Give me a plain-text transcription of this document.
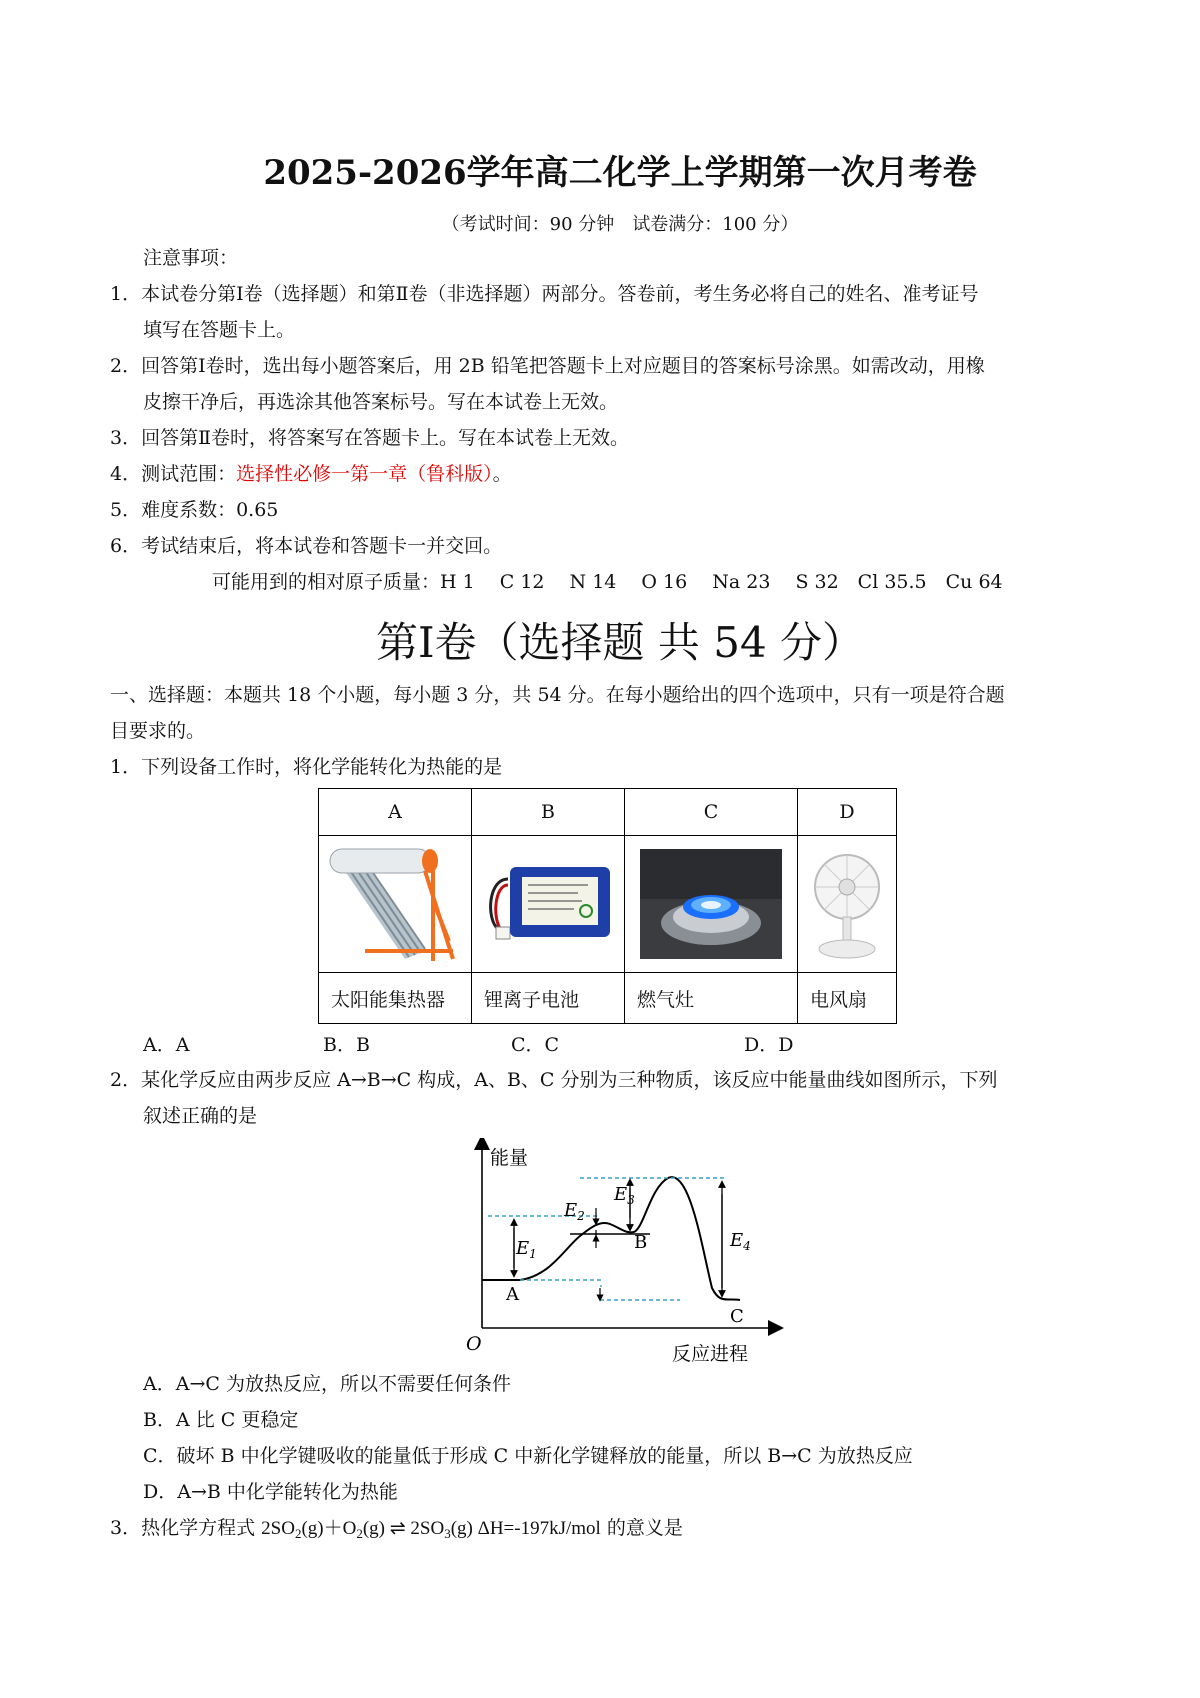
2025-2026学年高二化学上学期第一次月考卷
（考试时间：90 分钟　试卷满分：100 分）
注意事项：
1．本试卷分第Ⅰ卷（选择题）和第Ⅱ卷（非选择题）两部分。答卷前，考生务必将自己的姓名、准考证号
填写在答题卡上。
2．回答第Ⅰ卷时，选出每小题答案后，用 2B 铅笔把答题卡上对应题目的答案标号涂黑。如需改动，用橡
皮擦干净后，再选涂其他答案标号。写在本试卷上无效。
3．回答第Ⅱ卷时，将答案写在答题卡上。写在本试卷上无效。
4．测试范围：选择性必修一第一章（鲁科版）。
5．难度系数：0.65
6．考试结束后，将本试卷和答题卡一并交回。
可能用到的相对原子质量：H 1　 C 12　 N 14　 O 16　 Na 23　 S 32　Cl 35.5　Cu 64
第Ⅰ卷（选择题 共 54 分）
一、选择题：本题共 18 个小题，每小题 3 分，共 54 分。在每小题给出的四个选项中，只有一项是符合题
目要求的。
1．下列设备工作时，将化学能转化为热能的是
A	B	C	D

太阳能集热器	锂离子电池	燃气灶	电风扇
A．A	B．B	C．C	D．D
2．某化学反应由两步反应 A→B→C 构成，A、B、C 分别为三种物质，该反应中能量曲线如图所示，下列
叙述正确的是
能量
反应进程
O
$E_1$
$E_2$
$E_3$
$E_4$
A
B
C
A．A→C 为放热反应，所以不需要任何条件
B．A 比 C 更稳定
C．破坏 B 中化学键吸收的能量低于形成 C 中新化学键释放的能量，所以 B→C 为放热反应
D．A→B 中化学能转化为热能
3．热化学方程式 $2SO_2(g)+O_2(g)$ ⇌ $2SO_3(g)$ ΔH=-197kJ/mol 的意义是
